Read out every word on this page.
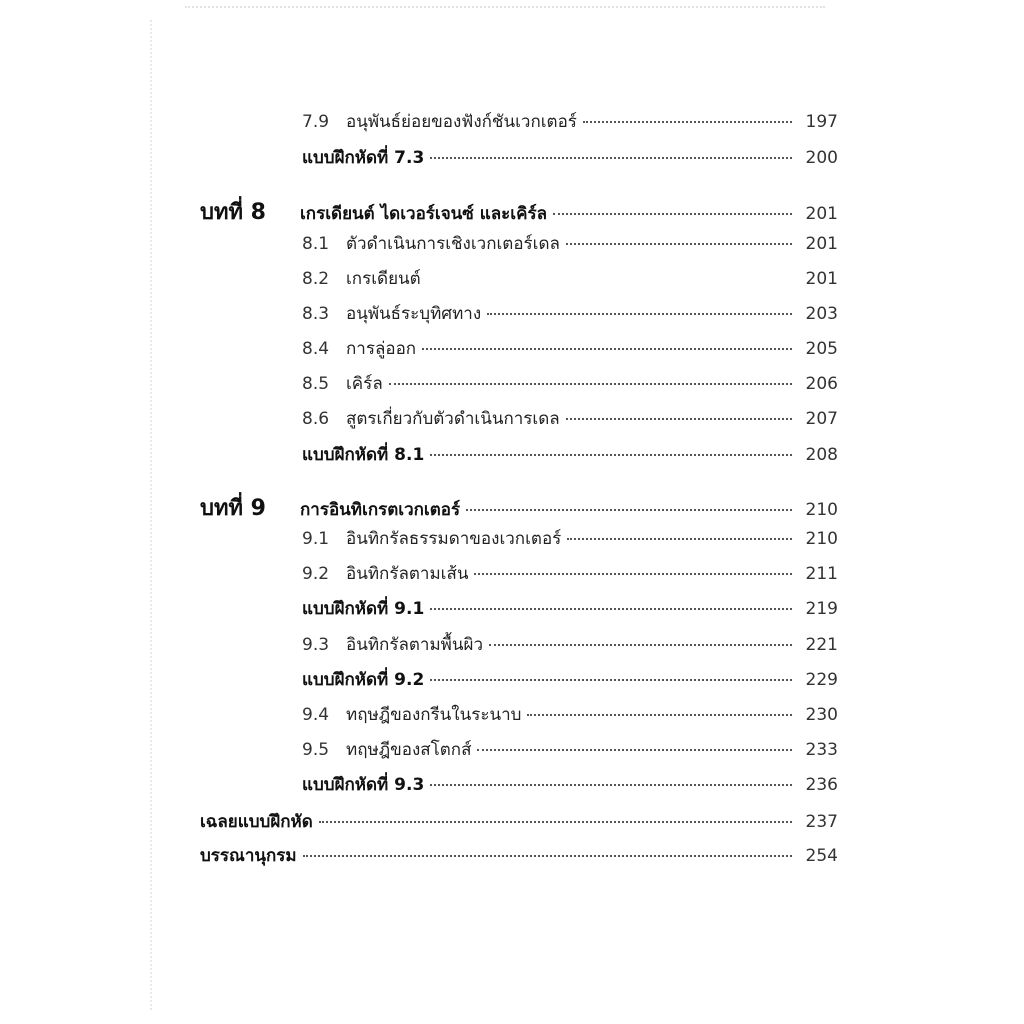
7.9 อนุพันธ์ย่อยของฟังก์ชันเวกเตอร์	197
แบบฝึกหัดที่ 7.3	200
บทที่ 8	เกรเดียนต์ ไดเวอร์เจนซ์ และเคิร์ล	201
8.1 ตัวดำเนินการเชิงเวกเตอร์เดล	201
8.2 เกรเดียนต์	201
8.3 อนุพันธ์ระบุทิศทาง	203
8.4 การลู่ออก	205
8.5 เคิร์ล	206
8.6 สูตรเกี่ยวกับตัวดำเนินการเดล	207
แบบฝึกหัดที่ 8.1	208
บทที่ 9	การอินทิเกรตเวกเตอร์	210
9.1 อินทิกรัลธรรมดาของเวกเตอร์	210
9.2 อินทิกรัลตามเส้น	211
แบบฝึกหัดที่ 9.1	219
9.3 อินทิกรัลตามพื้นผิว	221
แบบฝึกหัดที่ 9.2	229
9.4 ทฤษฎีของกรีนในระนาบ	230
9.5 ทฤษฎีของสโตกส์	233
แบบฝึกหัดที่ 9.3	236
เฉลยแบบฝึกหัด	237
บรรณานุกรม	254
